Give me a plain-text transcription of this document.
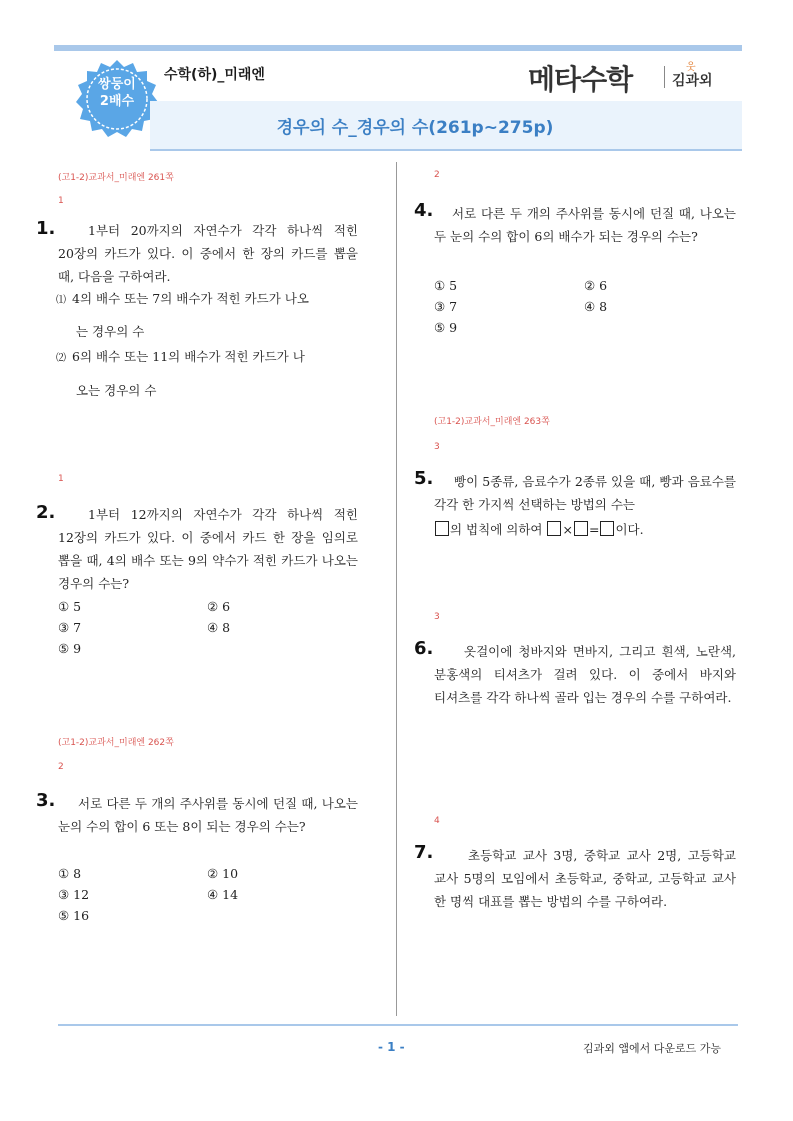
쌍둥이
2배수
수학(하)_미래엔	메타수학	웃
김과외
경우의 수_경우의 수(261p~275p)
(고1-2)교과서_미래엔 261쪽
1
1.	1부터 20까지의 자연수가 각각 하나씩 적힌 20장의 카드가 있다. 이 중에서 한 장의 카드를 뽑을 때, 다음을 구하여라.
⑴ 4의 배수 또는 7의 배수가 적힌 카드가 나오
는 경우의 수
⑵ 6의 배수 또는 11의 배수가 적힌 카드가 나
오는 경우의 수
1
2.	1부터 12까지의 자연수가 각각 하나씩 적힌 12장의 카드가 있다. 이 중에서 카드 한 장을 임의로 뽑을 때, 4의 배수 또는 9의 약수가 적힌 카드가 나오는 경우의 수는?
① 5	② 6
③ 7	④ 8
⑤ 9
(고1-2)교과서_미래엔 262쪽
2
3.	서로 다른 두 개의 주사위를 동시에 던질 때, 나오는 눈의 수의 합이 6 또는 8이 되는 경우의 수는?
① 8	② 10
③ 12	④ 14
⑤ 16
2
4.	서로 다른 두 개의 주사위를 동시에 던질 때, 나오는 두 눈의 수의 합이 6의 배수가 되는 경우의 수는?
① 5	② 6
③ 7	④ 8
⑤ 9
(고1-2)교과서_미래엔 263쪽
3
5.	빵이 5종류, 음료수가 2종류 있을 때, 빵과 음료수를 각각 한 가지씩 선택하는 방법의 수는
의 법칙에 의하여 × = 이다.
3
6.	옷걸이에 청바지와 면바지, 그리고 흰색, 노란색, 분홍색의 티셔츠가 걸려 있다. 이 중에서 바지와 티셔츠를 각각 하나씩 골라 입는 경우의 수를 구하여라.
4
7.	초등학교 교사 3명, 중학교 교사 2명, 고등학교 교사 5명의 모임에서 초등학교, 중학교, 고등학교 교사 한 명씩 대표를 뽑는 방법의 수를 구하여라.
- 1 -	김과외 앱에서 다운로드 가능
